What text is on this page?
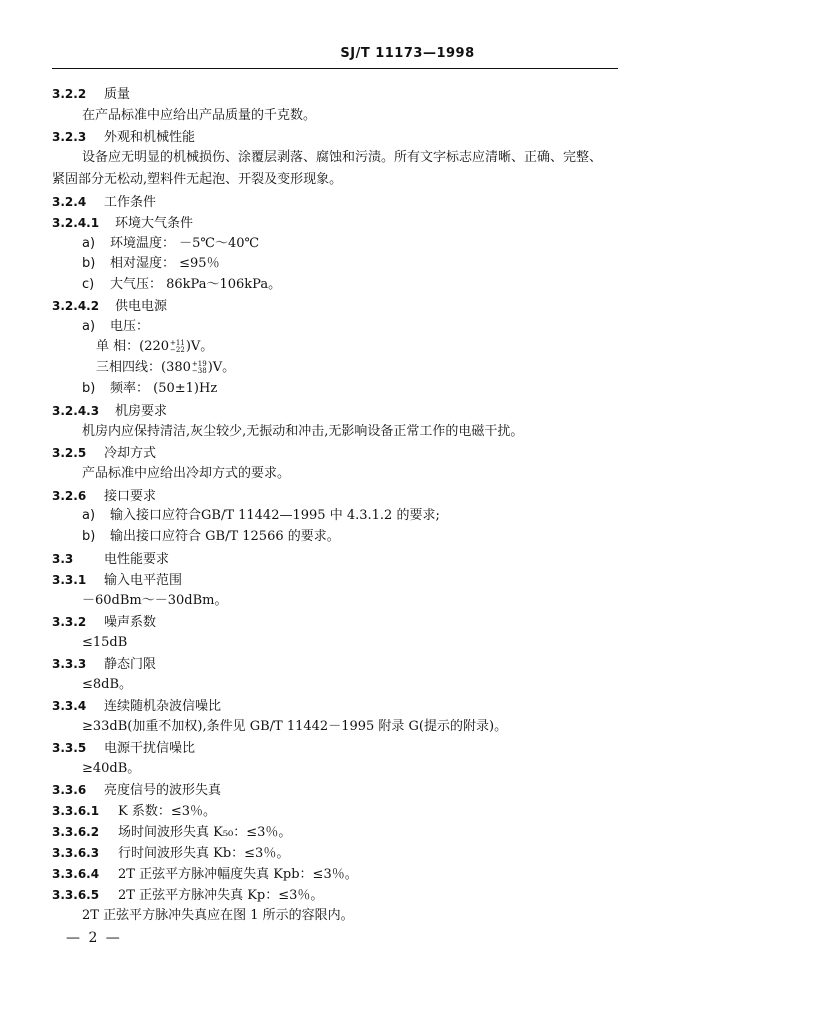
SJ/T 11173—1998
3.2.2 质量
在产品标准中应给出产品质量的千克数。
3.2.3 外观和机械性能
设备应无明显的机械损伤、涂覆层剥落、腐蚀和污渍。所有文字标志应清晰、正确、完整、
紧固部分无松动,塑料件无起泡、开裂及变形现象。
3.2.4 工作条件
3.2.4.1 环境大气条件
a) 环境温度： －5℃～40℃
b) 相对湿度： ≤95％
c) 大气压： 86kPa～106kPa。
3.2.4.2 供电电源
a) 电压：
单 相：(220 +11
−22 )V。
三相四线：(380 +19
−38 )V。
b) 频率： (50±1)Hz
3.2.4.3 机房要求
机房内应保持清洁,灰尘较少,无振动和冲击,无影响设备正常工作的电磁干扰。
3.2.5 冷却方式
产品标准中应给出冷却方式的要求。
3.2.6 接口要求
a) 输入接口应符合GB/T 11442—1995 中 4.3.1.2 的要求;
b) 输出接口应符合 GB/T 12566 的要求。
3.3 电性能要求
3.3.1 输入电平范围
－60dBm～－30dBm。
3.3.2 噪声系数
≤15dB
3.3.3 静态门限
≤8dB。
3.3.4 连续随机杂波信噪比
≥33dB(加重不加权),条件见 GB/T 11442－1995 附录 G(提示的附录)。
3.3.5 电源干扰信噪比
≥40dB。
3.3.6 亮度信号的波形失真
3.3.6.1 K 系数：≤3％。
3.3.6.2 场时间波形失真 K₅₀：≤3％。
3.3.6.3 行时间波形失真 Kb：≤3％。
3.3.6.4 2T 正弦平方脉冲幅度失真 Kpb：≤3％。
3.3.6.5 2T 正弦平方脉冲失真 Kp：≤3％。
2T 正弦平方脉冲失真应在图 1 所示的容限内。
— 2 —
